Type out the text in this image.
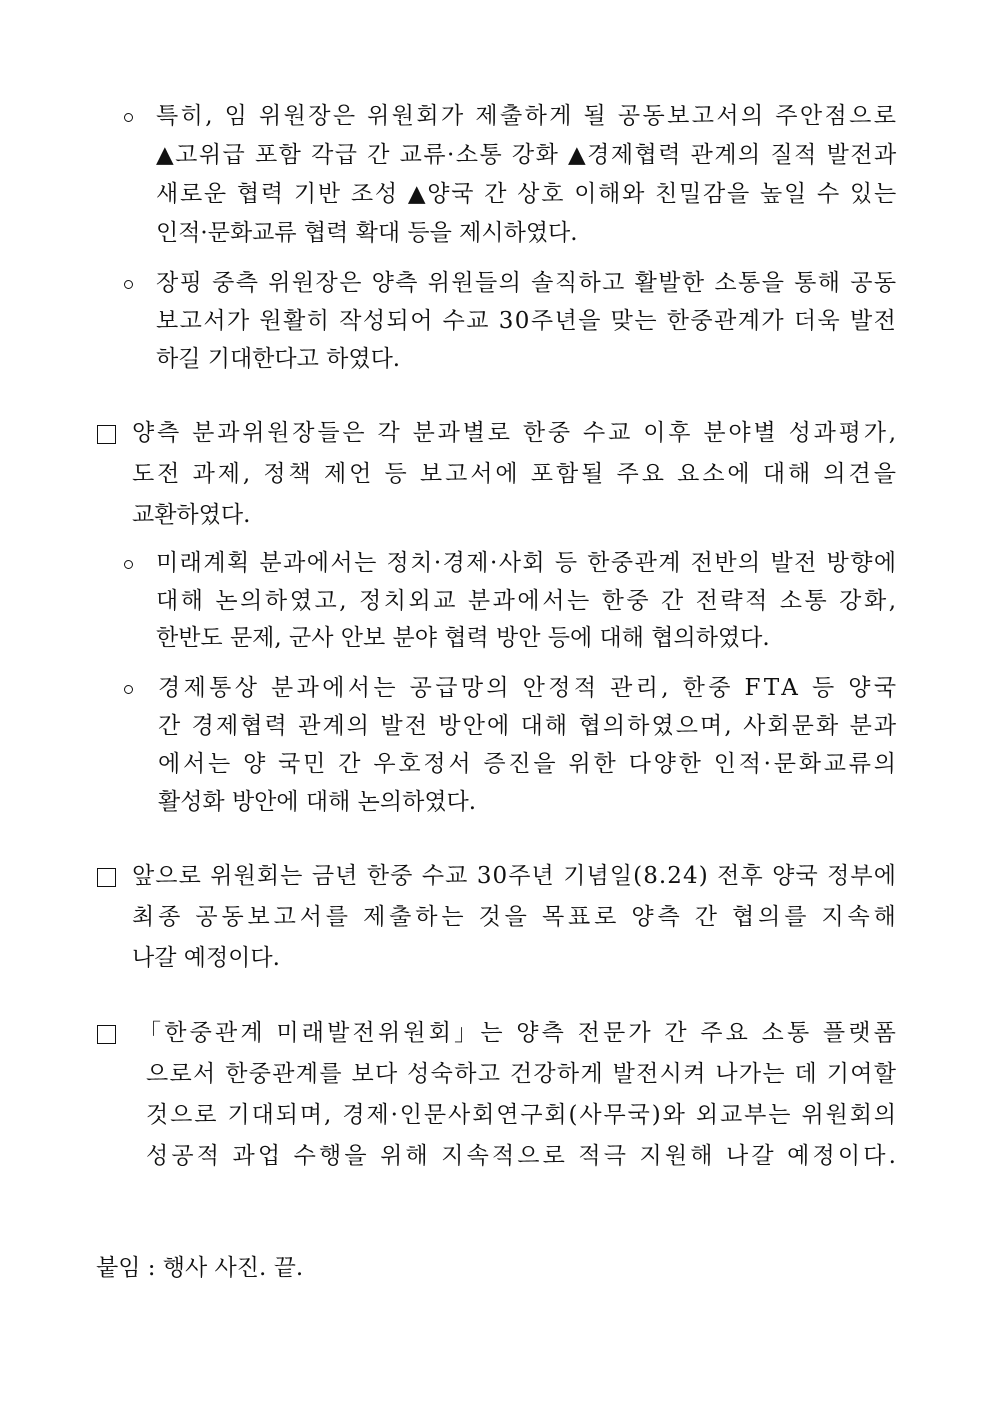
특히, 임 위원장은 위원회가 제출하게 될 공동보고서의 주안점으로
▲고위급 포함 각급 간 교류·소통 강화 ▲경제협력 관계의 질적 발전과
새로운 협력 기반 조성 ▲양국 간 상호 이해와 친밀감을 높일 수 있는
인적·문화교류 협력 확대 등을 제시하였다.
장핑 중측 위원장은 양측 위원들의 솔직하고 활발한 소통을 통해 공동
보고서가 원활히 작성되어 수교 30주년을 맞는 한중관계가 더욱 발전
하길 기대한다고 하였다.
양측 분과위원장들은 각 분과별로 한중 수교 이후 분야별 성과평가,
도전 과제, 정책 제언 등 보고서에 포함될 주요 요소에 대해 의견을
교환하였다.
미래계획 분과에서는 정치·경제·사회 등 한중관계 전반의 발전 방향에
대해 논의하였고, 정치외교 분과에서는 한중 간 전략적 소통 강화,
한반도 문제, 군사 안보 분야 협력 방안 등에 대해 협의하였다.
경제통상 분과에서는 공급망의 안정적 관리, 한중 FTA 등 양국
간 경제협력 관계의 발전 방안에 대해 협의하였으며, 사회문화 분과
에서는 양 국민 간 우호정서 증진을 위한 다양한 인적·문화교류의
활성화 방안에 대해 논의하였다.
앞으로 위원회는 금년 한중 수교 30주년 기념일(8.24) 전후 양국 정부에
최종 공동보고서를 제출하는 것을 목표로 양측 간 협의를 지속해
나갈 예정이다.
「한중관계 미래발전위원회」는 양측 전문가 간 주요 소통 플랫폼
으로서 한중관계를 보다 성숙하고 건강하게 발전시켜 나가는 데 기여할
것으로 기대되며, 경제·인문사회연구회(사무국)와 외교부는 위원회의
성공적 과업 수행을 위해 지속적으로 적극 지원해 나갈 예정이다.
붙임 : 행사 사진. 끝.
